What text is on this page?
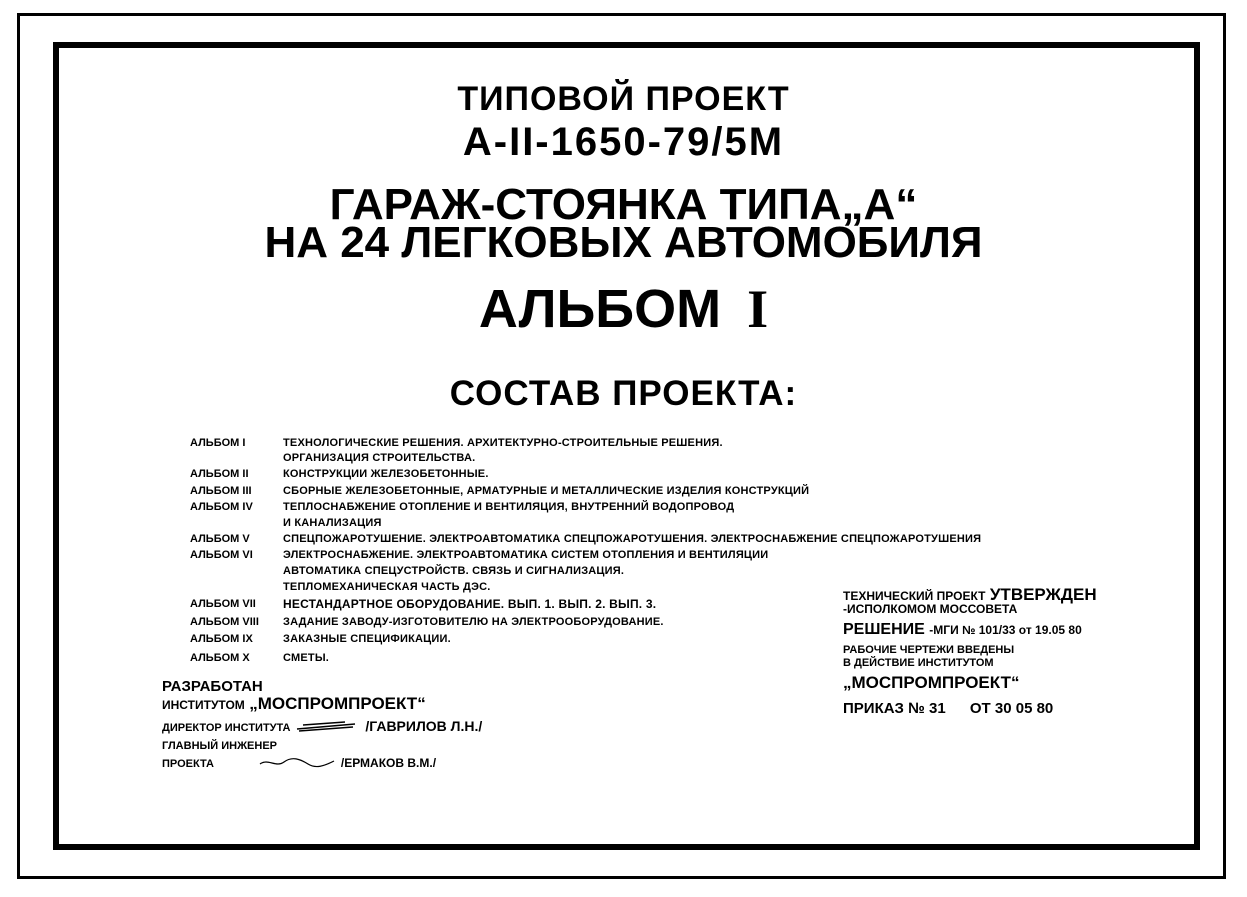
ТИПОВОЙ ПРОЕКТ
А-II-1650-79/5М
ГАРАЖ-СТОЯНКА ТИПА„А“
НА 24 ЛЕГКОВЫХ АВТОМОБИЛЯ
АЛЬБОМ I
СОСТАВ ПРОЕКТА:
АЛЬБОМ I	ТЕХНОЛОГИЧЕСКИЕ РЕШЕНИЯ. АРХИТЕКТУРНО-СТРОИТЕЛЬНЫЕ РЕШЕНИЯ.
ОРГАНИЗАЦИЯ СТРОИТЕЛЬСТВА.
АЛЬБОМ II	КОНСТРУКЦИИ ЖЕЛЕЗОБЕТОННЫЕ.
АЛЬБОМ III	СБОРНЫЕ ЖЕЛЕЗОБЕТОННЫЕ, АРМАТУРНЫЕ И МЕТАЛЛИЧЕСКИЕ ИЗДЕЛИЯ КОНСТРУКЦИЙ
АЛЬБОМ IV	ТЕПЛОСНАБЖЕНИЕ ОТОПЛЕНИЕ И ВЕНТИЛЯЦИЯ, ВНУТРЕННИЙ ВОДОПРОВОД
И КАНАЛИЗАЦИЯ
АЛЬБОМ V	СПЕЦПОЖАРОТУШЕНИЕ. ЭЛЕКТРОАВТОМАТИКА СПЕЦПОЖАРОТУШЕНИЯ. ЭЛЕКТРОСНАБЖЕНИЕ СПЕЦПОЖАРОТУШЕНИЯ
АЛЬБОМ VI	ЭЛЕКТРОСНАБЖЕНИЕ. ЭЛЕКТРОАВТОМАТИКА СИСТЕМ ОТОПЛЕНИЯ И ВЕНТИЛЯЦИИ
АВТОМАТИКА СПЕЦУСТРОЙСТВ. СВЯЗЬ И СИГНАЛИЗАЦИЯ.
ТЕПЛОМЕХАНИЧЕСКАЯ ЧАСТЬ ДЭС.
АЛЬБОМ VII НЕСТАНДАРТНОЕ ОБОРУДОВАНИЕ. ВЫП. 1. ВЫП. 2. ВЫП. 3.
АЛЬБОМ VIII ЗАДАНИЕ ЗАВОДУ-ИЗГОТОВИТЕЛЮ НА ЭЛЕКТРООБОРУДОВАНИЕ.
АЛЬБОМ IX	ЗАКАЗНЫЕ СПЕЦИФИКАЦИИ.
АЛЬБОМ X	СМЕТЫ.
ТЕХНИЧЕСКИЙ ПРОЕКТ УТВЕРЖДЕН
-ИСПОЛКОМОМ МОССОВЕТА
РЕШЕНИЕ -МГИ № 101/33 от 19.05 80
РАБОЧИЕ ЧЕРТЕЖИ ВВЕДЕНЫ
В ДЕЙСТВИЕ ИНСТИТУТОМ
„МОСПРОМПРОЕКТ“
ПРИКАЗ № 31 ОТ 30 05 80
РАЗРАБОТАН
ИНСТИТУТОМ „МОСПРОМПРОЕКТ“
ДИРЕКТОР ИНСТИТУТА	/ГАВРИЛОВ Л.Н./
ГЛАВНЫЙ ИНЖЕНЕР
ПРОЕКТА	/ЕРМАКОВ В.М./
